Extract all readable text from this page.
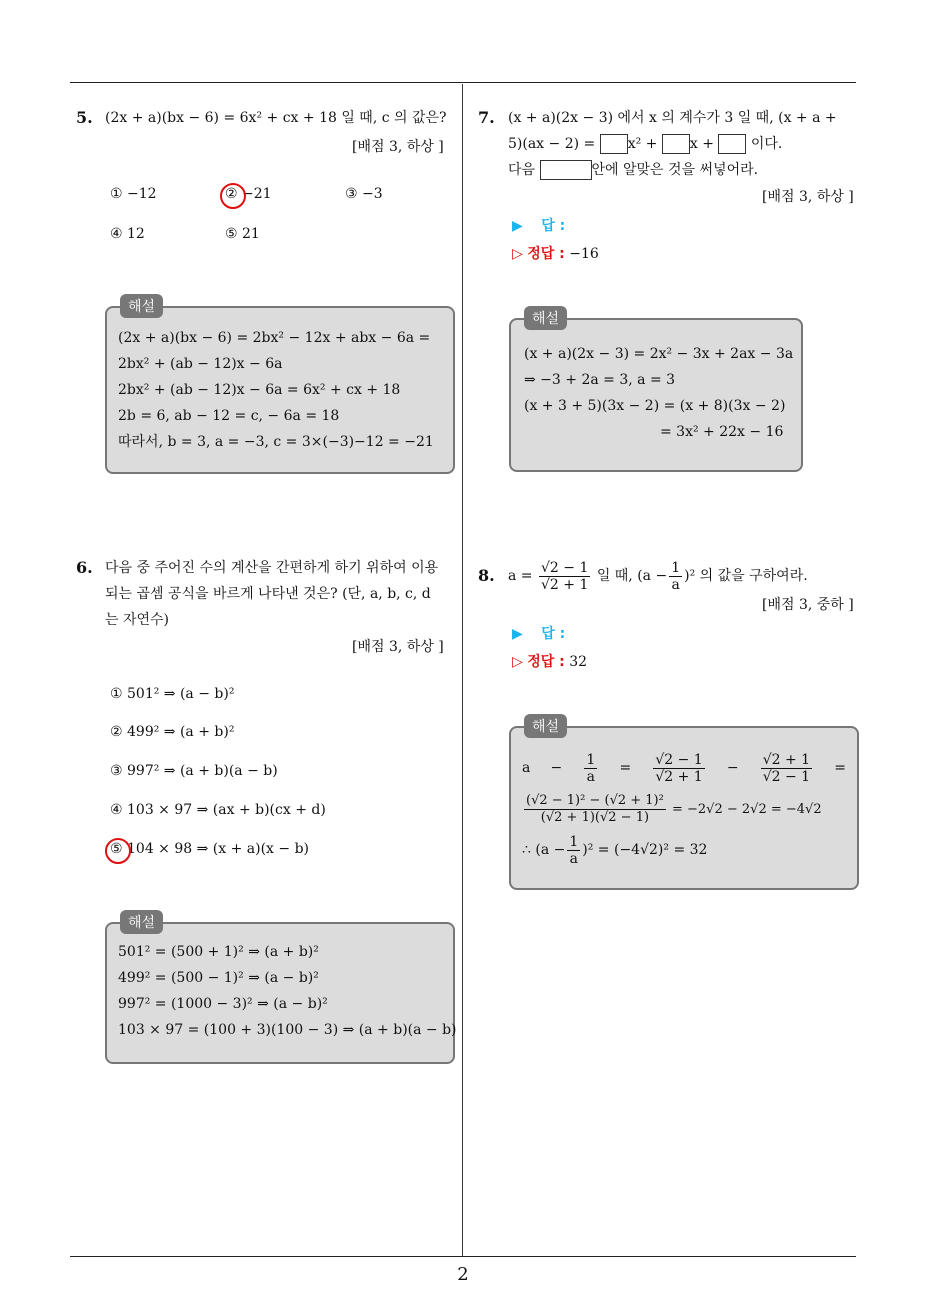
2
5. (2x + a)(bx − 6) = 6x² + cx + 18 일 때, c 의 값은?
[배점 3, 하상 ]
① −12	② −21	③ −3
④ 12	⑤ 21
해설
(2x + a)(bx − 6) = 2bx² − 12x + abx − 6a =
2bx² + (ab − 12)x − 6a
2bx² + (ab − 12)x − 6a = 6x² + cx + 18
2b = 6, ab − 12 = c, − 6a = 18
따라서, b = 3, a = −3, c = 3×(−3)−12 = −21
6. 다음 중 주어진 수의 계산을 간편하게 하기 위하여 이용
되는 곱셈 공식을 바르게 나타낸 것은? (단, a, b, c, d
는 자연수)
[배점 3, 하상 ]
① 501² ⇒ (a − b)²
② 499² ⇒ (a + b)²
③ 997² ⇒ (a + b)(a − b)
④ 103 × 97 ⇒ (ax + b)(cx + d)
⑤ 104 × 98 ⇒ (x + a)(x − b)
해설
501² = (500 + 1)² ⇒ (a + b)²
499² = (500 − 1)² ⇒ (a − b)²
997² = (1000 − 3)² ⇒ (a − b)²
103 × 97 = (100 + 3)(100 − 3) ⇒ (a + b)(a − b)
7. (x + a)(2x − 3) 에서 x 의 계수가 3 일 때, (x + a +
5)(ax − 2) = x² + x +	이다.
다음	안에 알맞은 것을 써넣어라.
[배점 3, 하상 ]
▶ 답 :
▷ 정답 : −16
해설
(x + a)(2x − 3) = 2x² − 3x + 2ax − 3a
⇒ −3 + 2a = 3, a = 3
(x + 3 + 5)(3x − 2) = (x + 8)(3x − 2)
= 3x² + 22x − 16
8. $a = \frac{√2 - 1}{√2 + 1}$ 일 때, $(a - \frac{1}{a} )^2$ 의 값을 구하여라.
[배점 3, 중하 ]
▶ 답 :
▷ 정답 : 32
해설
$a - \frac{1}{a} = \frac{√2 - 1}{√2 + 1} - \frac{√2 + 1}{√2 - 1}$ =
$\frac{\text{(√2 − 1)² − (√2 + 1)²}}{(√2 + 1)(√2 - 1)} = -2√2 - 2√2 = -4√2$
∴ $(a - \frac{1}{a} )^2 = (-4√2)^2 = 32$
